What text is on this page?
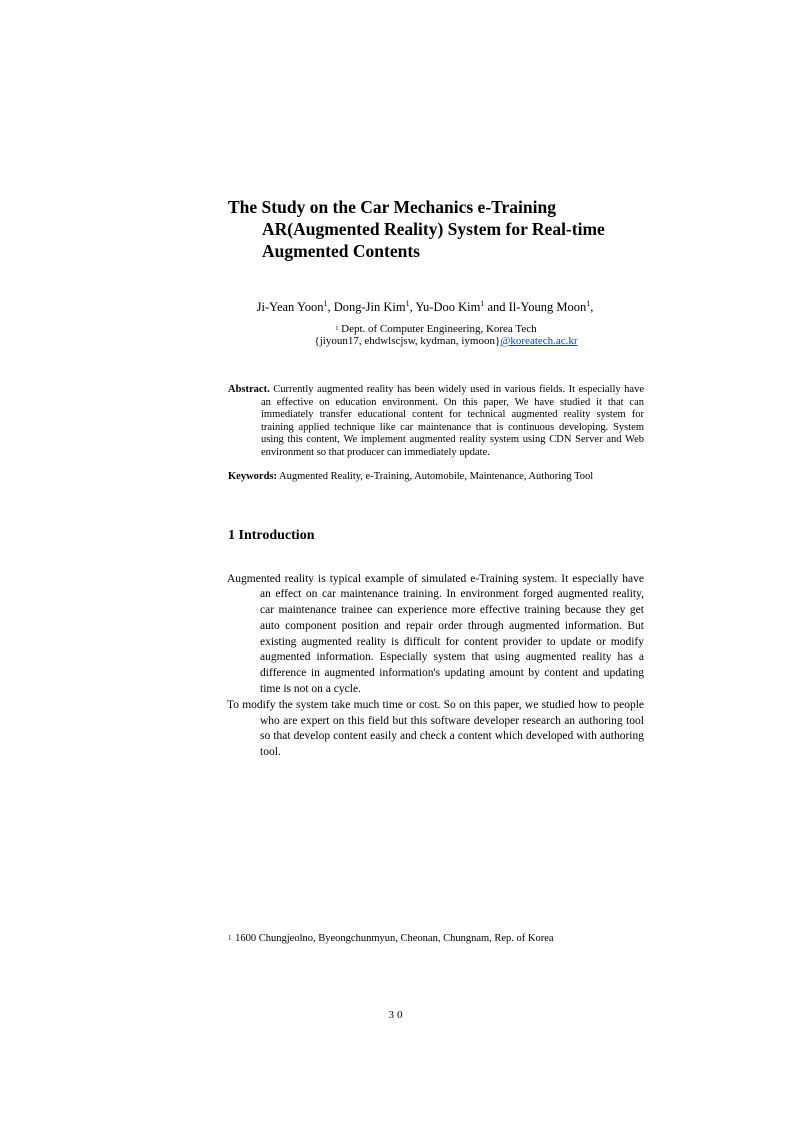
The Study on the Car Mechanics e-Training
AR(Augmented Reality) System for Real-time
Augmented Contents
Ji-Yean Yoon$^1$, Dong-Jin Kim$^1$, Yu-Doo Kim$^1$ and Il-Young Moon$^1$,
1 Dept. of Computer Engineering, Korea Tech
{jiyoun17, ehdwlscjsw, kydman, iymoon}@koreatech.ac.kr
Abstract. Currently augmented reality has been widely used in various fields. It especially have an effective on education environment. On this paper, We have studied it that can immediately transfer educational content for technical augmented reality system for training applied technique like car maintenance that is continuous developing. System using this content, We implement augmented reality system using CDN Server and Web environment so that producer can immediately update.
Keywords: Augmented Reality, e-Training, Automobile, Maintenance, Authoring Tool
1 Introduction
Augmented reality is typical example of simulated e-Training system. It especially have an effect on car maintenance training. In environment forged augmented reality, car maintenance trainee can experience more effective training because they get auto component position and repair order through augmented information. But existing augmented reality is difficult for content provider to update or modify augmented information. Especially system that using augmented reality has a difference in augmented information's updating amount by content and updating time is not on a cycle.
To modify the system take much time or cost. So on this paper, we studied how to people who are expert on this field but this software developer research an authoring tool so that develop content easily and check a content which developed with authoring tool.
1 1600 Chungjeolno, Byeongchunmyun, Cheonan, Chungnam, Rep. of Korea
30
